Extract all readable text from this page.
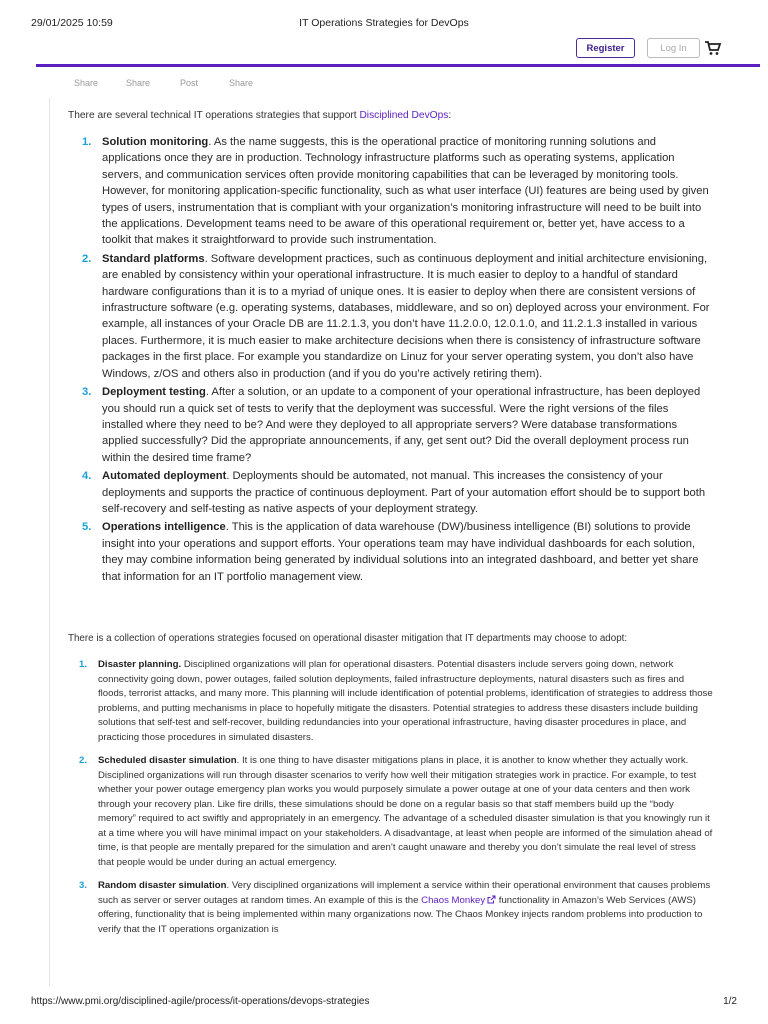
29/01/2025 10:59	IT Operations Strategies for DevOps
Register	Log In
Share	Share	Post	Share
There are several technical IT operations strategies that support Disciplined DevOps:
1. Solution monitoring. As the name suggests, this is the operational practice of monitoring running solutions and applications once they are in production. Technology infrastructure platforms such as operating systems, application servers, and communication services often provide monitoring capabilities that can be leveraged by monitoring tools. However, for monitoring application-specific functionality, such as what user interface (UI) features are being used by given types of users, instrumentation that is compliant with your organization’s monitoring infrastructure will need to be built into the applications. Development teams need to be aware of this operational requirement or, better yet, have access to a toolkit that makes it straightforward to provide such instrumentation.
2. Standard platforms. Software development practices, such as continuous deployment and initial architecture envisioning, are enabled by consistency within your operational infrastructure. It is much easier to deploy to a handful of standard hardware configurations than it is to a myriad of unique ones. It is easier to deploy when there are consistent versions of infrastructure software (e.g. operating systems, databases, middleware, and so on) deployed across your environment. For example, all instances of your Oracle DB are 11.2.1.3, you don’t have 11.2.0.0, 12.0.1.0, and 11.2.1.3 installed in various places. Furthermore, it is much easier to make architecture decisions when there is consistency of infrastructure software packages in the first place. For example you standardize on Linuz for your server operating system, you don’t also have Windows, z/OS and others also in production (and if you do you’re actively retiring them).
3. Deployment testing. After a solution, or an update to a component of your operational infrastructure, has been deployed you should run a quick set of tests to verify that the deployment was successful. Were the right versions of the files installed where they need to be? And were they deployed to all appropriate servers? Were database transformations applied successfully? Did the appropriate announcements, if any, get sent out? Did the overall deployment process run within the desired time frame?
4. Automated deployment. Deployments should be automated, not manual. This increases the consistency of your deployments and supports the practice of continuous deployment. Part of your automation effort should be to support both self-recovery and self-testing as native aspects of your deployment strategy.
5. Operations intelligence. This is the application of data warehouse (DW)/business intelligence (BI) solutions to provide insight into your operations and support efforts. Your operations team may have individual dashboards for each solution, they may combine information being generated by individual solutions into an integrated dashboard, and better yet share that information for an IT portfolio management view.
There is a collection of operations strategies focused on operational disaster mitigation that IT departments may choose to adopt:
1. Disaster planning. Disciplined organizations will plan for operational disasters. Potential disasters include servers going down, network connectivity going down, power outages, failed solution deployments, failed infrastructure deployments, natural disasters such as fires and floods, terrorist attacks, and many more. This planning will include identification of potential problems, identification of strategies to address those problems, and putting mechanisms in place to hopefully mitigate the disasters. Potential strategies to address these disasters include building solutions that self-test and self-recover, building redundancies into your operational infrastructure, having disaster procedures in place, and practicing those procedures in simulated disasters.
2. Scheduled disaster simulation. It is one thing to have disaster mitigations plans in place, it is another to know whether they actually work. Disciplined organizations will run through disaster scenarios to verify how well their mitigation strategies work in practice. For example, to test whether your power outage emergency plan works you would purposely simulate a power outage at one of your data centers and then work through your recovery plan. Like fire drills, these simulations should be done on a regular basis so that staff members build up the “body memory” required to act swiftly and appropriately in an emergency. The advantage of a scheduled disaster simulation is that you knowingly run it at a time where you will have minimal impact on your stakeholders. A disadvantage, at least when people are informed of the simulation ahead of time, is that people are mentally prepared for the simulation and aren’t caught unaware and thereby you don’t simulate the real level of stress that people would be under during an actual emergency.
3. Random disaster simulation. Very disciplined organizations will implement a service within their operational environment that causes problems such as server or server outages at random times. An example of this is the Chaos Monkey functionality in Amazon’s Web Services (AWS) offering, functionality that is being implemented within many organizations now. The Chaos Monkey injects random problems into production to verify that the IT operations organization is
https://www.pmi.org/disciplined-agile/process/it-operations/devops-strategies	1/2
